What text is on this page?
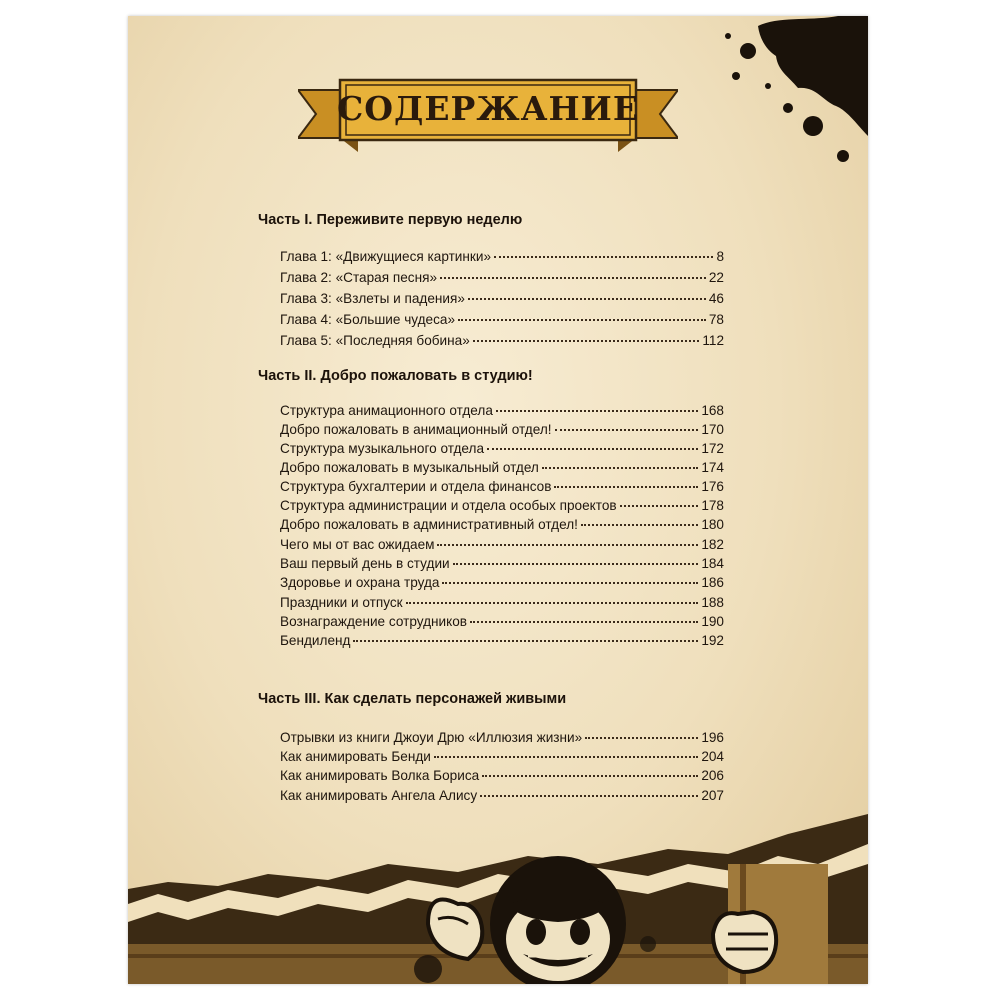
СОДЕРЖАНИЕ
Часть I. Переживите первую неделю
Глава 1: «Движущиеся картинки»	8
Глава 2: «Старая песня»	22
Глава 3: «Взлеты и падения»	46
Глава 4: «Большие чудеса»	78
Глава 5: «Последняя бобина»	112
Часть II. Добро пожаловать в студию!
Структура анимационного отдела	168
Добро пожаловать в анимационный отдел!	170
Структура музыкального отдела	172
Добро пожаловать в музыкальный отдел	174
Структура бухгалтерии и отдела финансов	176
Структура администрации и отдела особых проектов	178
Добро пожаловать в административный отдел!	180
Чего мы от вас ожидаем	182
Ваш первый день в студии	184
Здоровье и охрана труда	186
Праздники и отпуск	188
Вознаграждение сотрудников	190
Бендиленд	192
Часть III. Как сделать персонажей живыми
Отрывки из книги Джоуи Дрю «Иллюзия жизни»	196
Как анимировать Бенди	204
Как анимировать Волка Бориса	206
Как анимировать Ангела Алису	207
